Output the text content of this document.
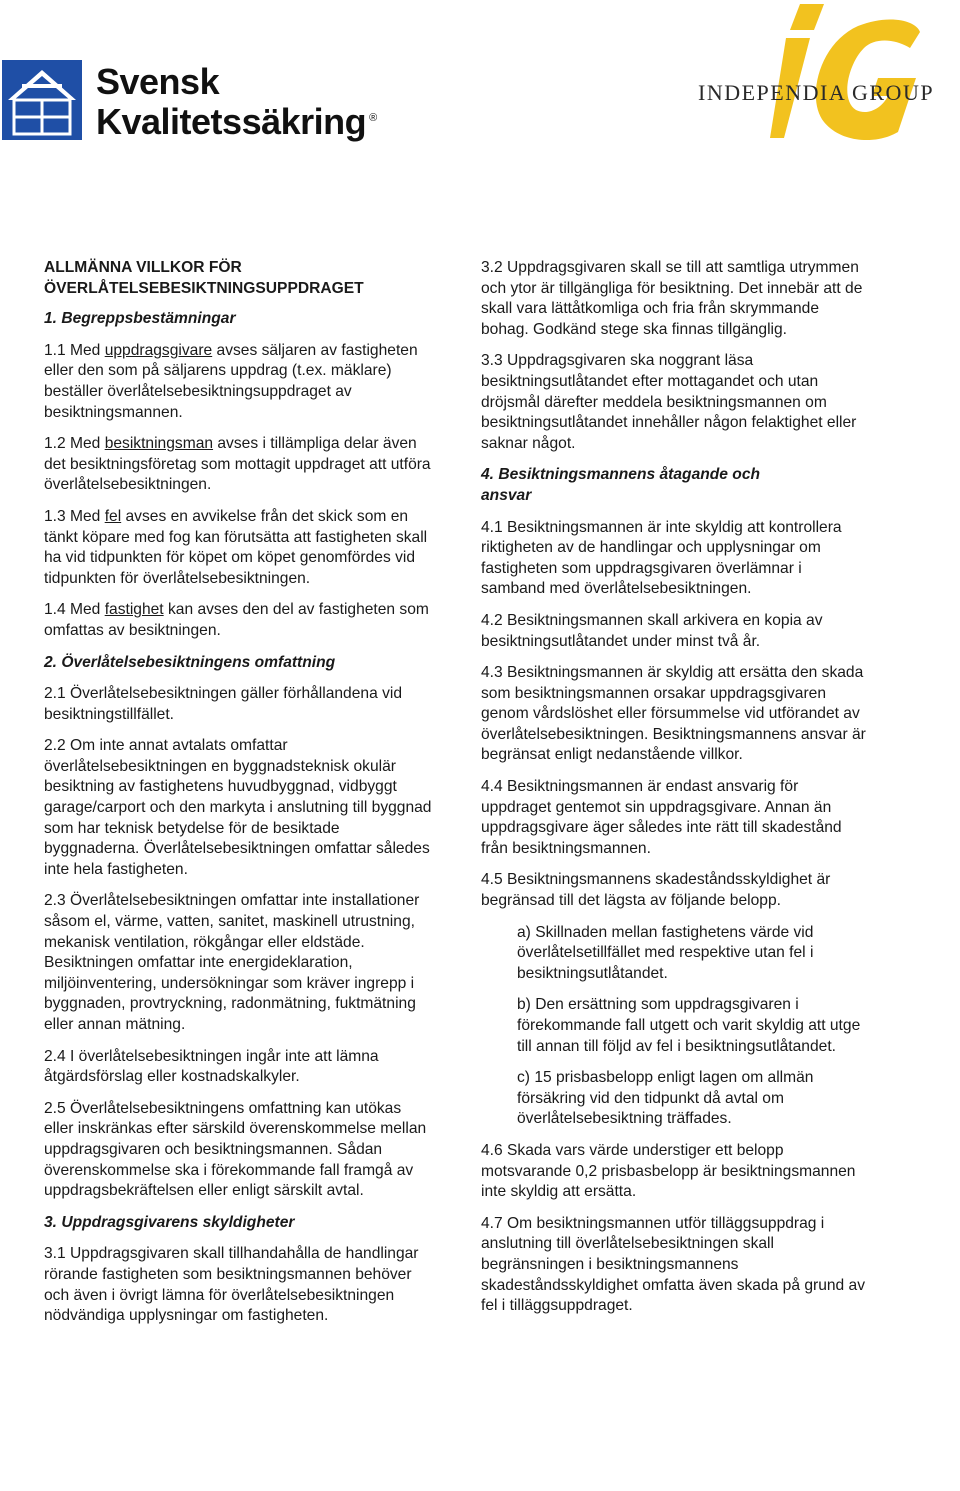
Svensk
Kvalitetssäkring ®
INDEPENDIA GROUP
ALLMÄNNA VILLKOR FÖR
ÖVERLÅTELSEBESIKTNINGSUPPDRAGET
1. Begreppsbestämningar
1.1 Med uppdragsgivare avses säljaren av fastigheten eller den som på säljarens uppdrag (t.ex. mäklare) beställer överlåtelsebesiktningsuppdraget av besiktningsmannen.
1.2 Med besiktningsman avses i tillämpliga delar även det besiktningsföretag som mottagit uppdraget att utföra överlåtelsebesiktningen.
1.3 Med fel avses en avvikelse från det skick som en tänkt köpare med fog kan förutsätta att fastigheten skall ha vid tidpunkten för köpet om köpet genomfördes vid tidpunkten för överlåtelsebesiktningen.
1.4 Med fastighet kan avses den del av fastigheten som omfattas av besiktningen.
2. Överlåtelsebesiktningens omfattning
2.1 Överlåtelsebesiktningen gäller förhållandena vid besiktningstillfället.
2.2 Om inte annat avtalats omfattar överlåtelsebesiktningen en byggnadsteknisk okulär besiktning av fastighetens huvudbyggnad, vidbyggt garage/carport och den markyta i anslutning till byggnad som har teknisk betydelse för de besiktade byggnaderna. Överlåtelsebesiktningen omfattar således inte hela fastigheten.
2.3 Överlåtelsebesiktningen omfattar inte installationer såsom el, värme, vatten, sanitet, maskinell utrustning, mekanisk ventilation, rökgångar eller eldstäde. Besiktningen omfattar inte energideklaration, miljöinventering, undersökningar som kräver ingrepp i byggnaden, provtryckning, radonmätning, fuktmätning eller annan mätning.
2.4 I överlåtelsebesiktningen ingår inte att lämna åtgärdsförslag eller kostnadskalkyler.
2.5 Överlåtelsebesiktningens omfattning kan utökas eller inskränkas efter särskild överenskommelse mellan uppdragsgivaren och besiktningsmannen. Sådan överenskommelse ska i förekommande fall framgå av uppdragsbekräftelsen eller enligt särskilt avtal.
3. Uppdragsgivarens skyldigheter
3.1 Uppdragsgivaren skall tillhandahålla de handlingar rörande fastigheten som besiktningsmannen behöver och även i övrigt lämna för överlåtelsebesiktningen nödvändiga upplysningar om fastigheten.
3.2 Uppdragsgivaren skall se till att samtliga utrymmen och ytor är tillgängliga för besiktning. Det innebär att de skall vara lättåtkomliga och fria från skrymmande bohag. Godkänd stege ska finnas tillgänglig.
3.3 Uppdragsgivaren ska noggrant läsa besiktningsutlåtandet efter mottagandet och utan dröjsmål därefter meddela besiktningsmannen om besiktningsutlåtandet innehåller någon felaktighet eller saknar något.
4. Besiktningsmannens åtagande och
ansvar
4.1 Besiktningsmannen är inte skyldig att kontrollera riktigheten av de handlingar och upplysningar om fastigheten som uppdragsgivaren överlämnar i samband med överlåtelsebesiktningen.
4.2 Besiktningsmannen skall arkivera en kopia av besiktningsutlåtandet under minst två år.
4.3 Besiktningsmannen är skyldig att ersätta den skada som besiktningsmannen orsakar uppdragsgivaren genom vårdslöshet eller försummelse vid utförandet av överlåtelsebesiktningen. Besiktningsmannens ansvar är begränsat enligt nedanstående villkor.
4.4 Besiktningsmannen är endast ansvarig för uppdraget gentemot sin uppdragsgivare. Annan än uppdragsgivare äger således inte rätt till skadestånd från besiktningsmannen.
4.5 Besiktningsmannens skadeståndsskyldighet är begränsad till det lägsta av följande belopp.
a) Skillnaden mellan fastighetens värde vid överlåtelsetillfället med respektive utan fel i besiktningsutlåtandet.
b) Den ersättning som uppdragsgivaren i förekommande fall utgett och varit skyldig att utge till annan till följd av fel i besiktningsutlåtandet.
c) 15 prisbasbelopp enligt lagen om allmän försäkring vid den tidpunkt då avtal om överlåtelsebesiktning träffades.
4.6 Skada vars värde understiger ett belopp motsvarande 0,2 prisbasbelopp är besiktningsmannen inte skyldig att ersätta.
4.7 Om besiktningsmannen utför tilläggsuppdrag i anslutning till överlåtelsebesiktningen skall begränsningen i besiktningsmannens skadeståndsskyldighet omfatta även skada på grund av fel i tilläggsuppdraget.
